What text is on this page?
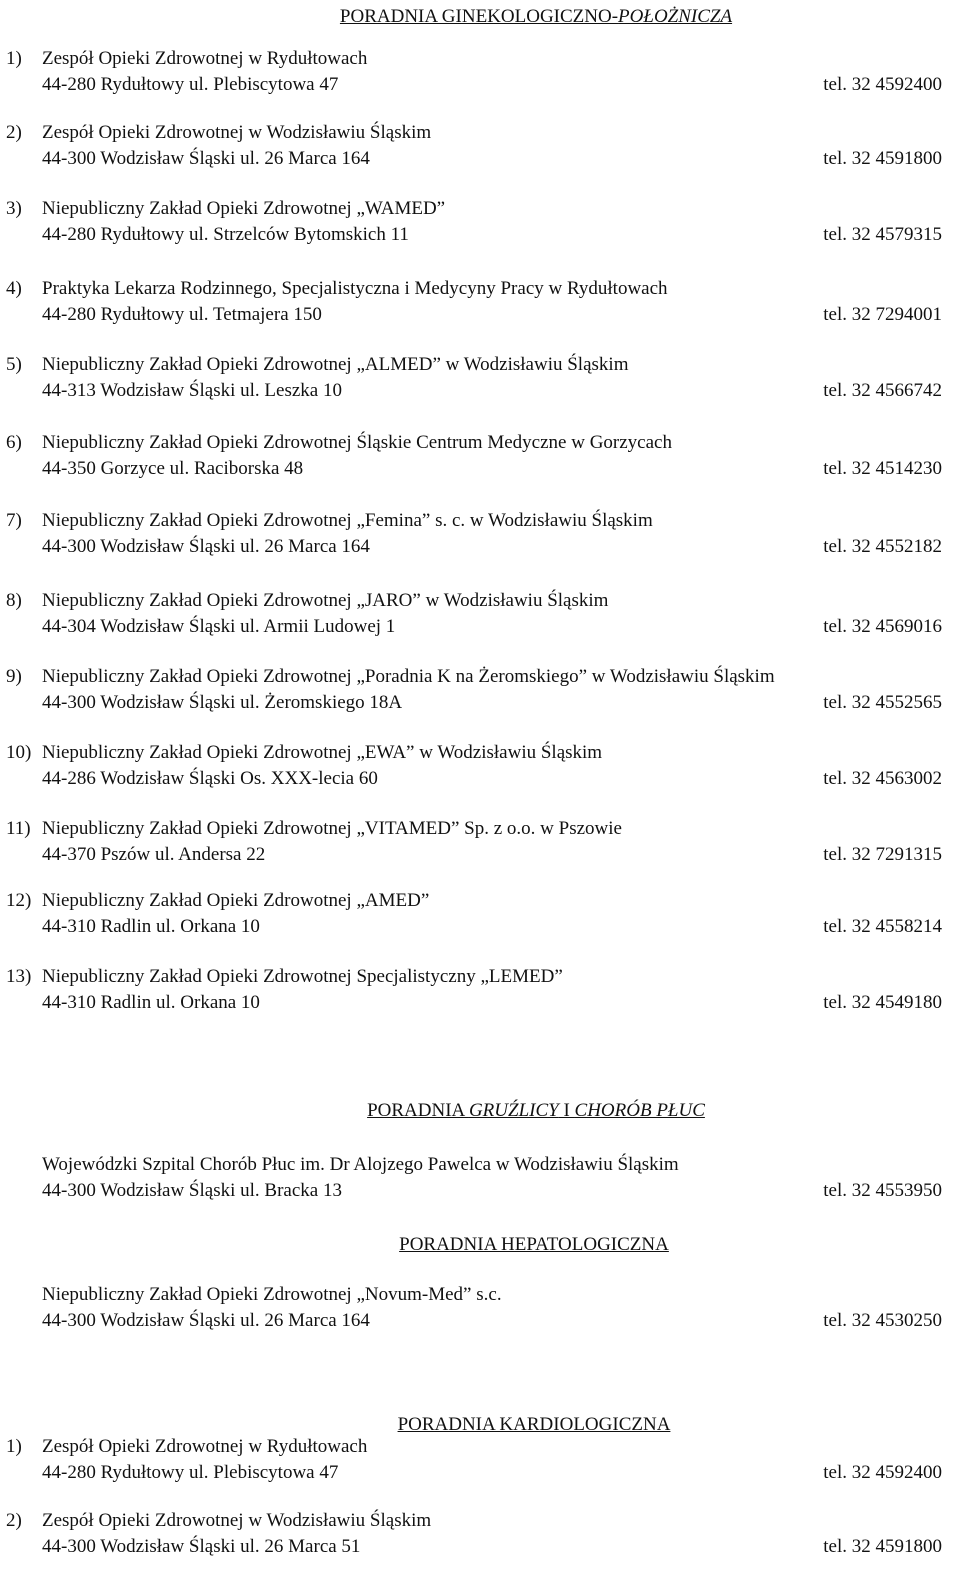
PORADNIA GINEKOLOGICZNO-POŁOŻNICZA
1) Zespół Opieki Zdrowotnej w Rydułtowach
44-280 Rydułtowy ul. Plebiscytowa 47	tel. 32 4592400
2) Zespół Opieki Zdrowotnej w Wodzisławiu Śląskim
44-300 Wodzisław Śląski ul. 26 Marca 164	tel. 32 4591800
3) Niepubliczny Zakład Opieki Zdrowotnej „WAMED”
44-280 Rydułtowy ul. Strzelców Bytomskich 11	tel. 32 4579315
4) Praktyka Lekarza Rodzinnego, Specjalistyczna i Medycyny Pracy w Rydułtowach
44-280 Rydułtowy ul. Tetmajera 150	tel. 32 7294001
5) Niepubliczny Zakład Opieki Zdrowotnej „ALMED” w Wodzisławiu Śląskim
44-313 Wodzisław Śląski ul. Leszka 10	tel. 32 4566742
6) Niepubliczny Zakład Opieki Zdrowotnej Śląskie Centrum Medyczne w Gorzycach
44-350 Gorzyce ul. Raciborska 48	tel. 32 4514230
7) Niepubliczny Zakład Opieki Zdrowotnej „Femina” s. c. w Wodzisławiu Śląskim
44-300 Wodzisław Śląski ul. 26 Marca 164	tel. 32 4552182
8) Niepubliczny Zakład Opieki Zdrowotnej „JARO” w Wodzisławiu Śląskim
44-304 Wodzisław Śląski ul. Armii Ludowej 1	tel. 32 4569016
9) Niepubliczny Zakład Opieki Zdrowotnej „Poradnia K na Żeromskiego” w Wodzisławiu Śląskim
44-300 Wodzisław Śląski ul. Żeromskiego 18A	tel. 32 4552565
10) Niepubliczny Zakład Opieki Zdrowotnej „EWA” w Wodzisławiu Śląskim
44-286 Wodzisław Śląski Os. XXX-lecia 60	tel. 32 4563002
11) Niepubliczny Zakład Opieki Zdrowotnej „VITAMED” Sp. z o.o. w Pszowie
44-370 Pszów ul. Andersa 22	tel. 32 7291315
12) Niepubliczny Zakład Opieki Zdrowotnej „AMED”
44-310 Radlin ul. Orkana 10	tel. 32 4558214
13) Niepubliczny Zakład Opieki Zdrowotnej Specjalistyczny „LEMED”
44-310 Radlin ul. Orkana 10	tel. 32 4549180
PORADNIA GRUŹLICY I CHORÓB PŁUC
Wojewódzki Szpital Chorób Płuc im. Dr Alojzego Pawelca w Wodzisławiu Śląskim
44-300 Wodzisław Śląski ul. Bracka 13	tel. 32 4553950
PORADNIA HEPATOLOGICZNA
Niepubliczny Zakład Opieki Zdrowotnej „Novum-Med” s.c.
44-300 Wodzisław Śląski ul. 26 Marca 164	tel. 32 4530250
PORADNIA KARDIOLOGICZNA
1) Zespół Opieki Zdrowotnej w Rydułtowach
44-280 Rydułtowy ul. Plebiscytowa 47	tel. 32 4592400
2) Zespół Opieki Zdrowotnej w Wodzisławiu Śląskim
44-300 Wodzisław Śląski ul. 26 Marca 51	tel. 32 4591800
